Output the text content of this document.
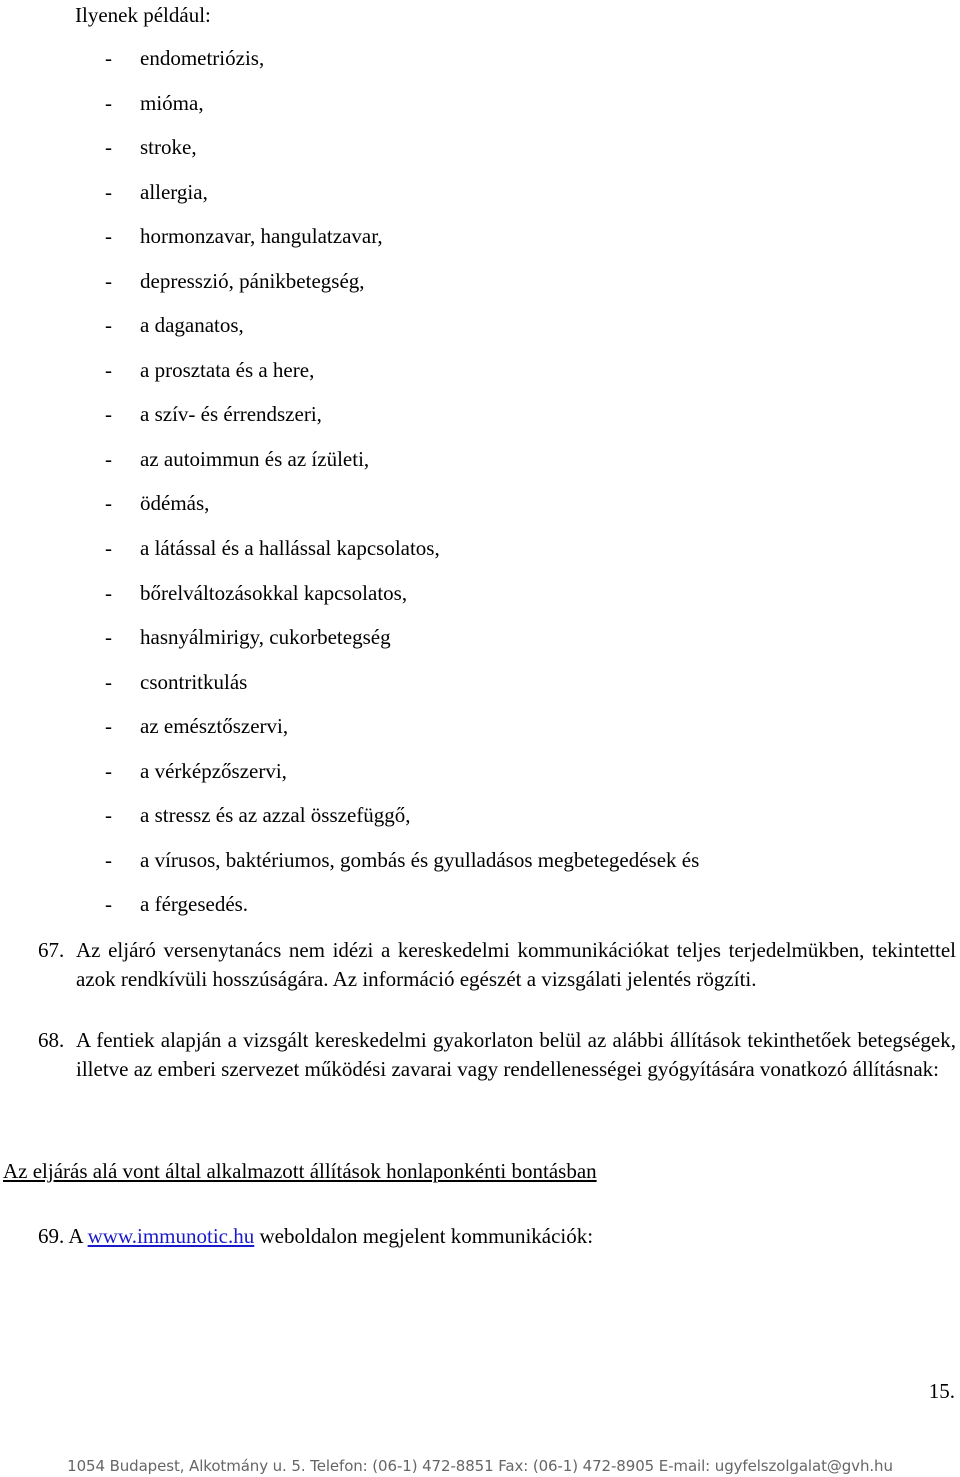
Ilyenek például:

- endometriózis,
- mióma,
- stroke,
- allergia,
- hormonzavar, hangulatzavar,
- depresszió, pánikbetegség,
- a daganatos,
- a prosztata és a here,
- a szív- és érrendszeri,
- az autoimmun és az ízületi,
- ödémás,
- a látással és a hallással kapcsolatos,
- bőrelváltozásokkal kapcsolatos,
- hasnyálmirigy, cukorbetegség
- csontritkulás
- az emésztőszervi,
- a vérképzőszervi,
- a stressz és az azzal összefüggő,
- a vírusos, baktériumos, gombás és gyulladásos megbetegedések és
- a férgesedés.

67. Az eljáró versenytanács nem idézi a kereskedelmi kommunikációkat teljes terjedelmükben, tekintettel azok rendkívüli hosszúságára. Az információ egészét a vizsgálati jelentés rögzíti.

68. A fentiek alapján a vizsgált kereskedelmi gyakorlaton belül az alábbi állítások tekinthetőek betegségek, illetve az emberi szervezet működési zavarai vagy rendellenességei gyógyítására vonatkozó állításnak:

Az eljárás alá vont által alkalmazott állítások honlaponkénti bontásban

69. A www.immunotic.hu weboldalon megjelent kommunikációk:

15.
1054 Budapest, Alkotmány u. 5. Telefon: (06-1) 472-8851 Fax: (06-1) 472-8905 E-mail: ugyfelszolgalat@gvh.hu
